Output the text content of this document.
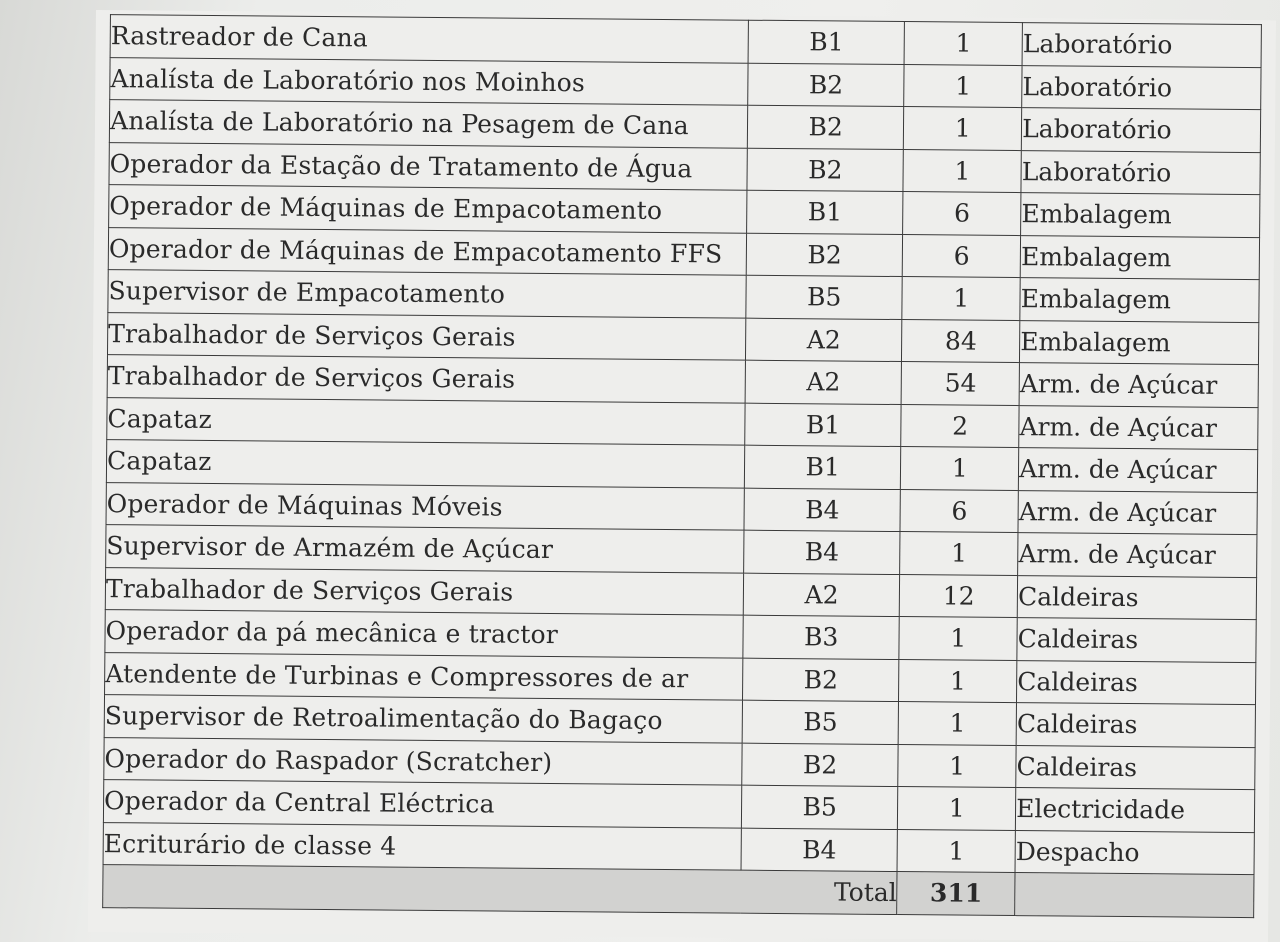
Rastreador de Cana	B1	1	Laboratório
Analísta de Laboratório nos Moinhos	B2	1	Laboratório
Analísta de Laboratório na Pesagem de Cana	B2	1	Laboratório
Operador da Estação de Tratamento de Água	B2	1	Laboratório
Operador de Máquinas de Empacotamento	B1	6	Embalagem
Operador de Máquinas de Empacotamento FFS	B2	6	Embalagem
Supervisor de Empacotamento	B5	1	Embalagem
Trabalhador de Serviços Gerais	A2	84	Embalagem
Trabalhador de Serviços Gerais	A2	54	Arm. de Açúcar
Capataz	B1	2	Arm. de Açúcar
Capataz	B1	1	Arm. de Açúcar
Operador de Máquinas Móveis	B4	6	Arm. de Açúcar
Supervisor de Armazém de Açúcar	B4	1	Arm. de Açúcar
Trabalhador de Serviços Gerais	A2	12	Caldeiras
Operador da pá mecânica e tractor	B3	1	Caldeiras
Atendente de Turbinas e Compressores de ar	B2	1	Caldeiras
Supervisor de Retroalimentação do Bagaço	B5	1	Caldeiras
Operador do Raspador (Scratcher)	B2	1	Caldeiras
Operador da Central Eléctrica	B5	1	Electricidade
Ecriturário de classe 4	B4	1	Despacho
Total		311	
